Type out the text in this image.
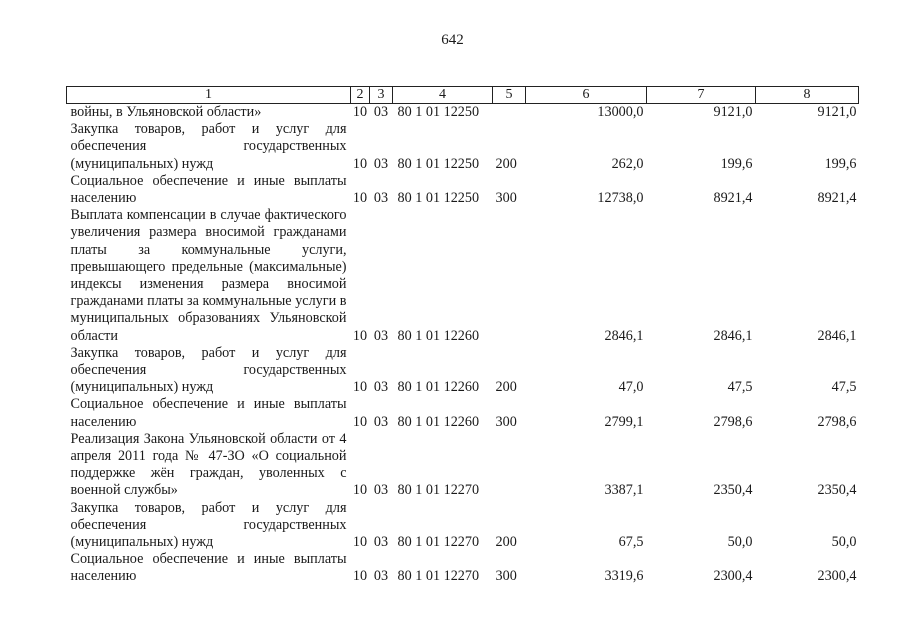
642
1	2	3	4	5	6	7	8
войны, в Ульяновской области»	10	03	80 1 01 12250		13000,0	9121,0	9121,0
Закупка товаров, работ и услуг для обеспечения государственных (муниципальных) нужд	10	03	80 1 01 12250	200	262,0	199,6	199,6
Социальное обеспечение и иные выплаты населению	10	03	80 1 01 12250	300	12738,0	8921,4	8921,4
Выплата компенсации в случае фактического увеличения размера вносимой гражданами платы за коммунальные услуги, превышающего предельные (максимальные) индексы изменения размера вносимой гражданами платы за коммунальные услуги в муниципальных образованиях Ульяновской области	10	03	80 1 01 12260		2846,1	2846,1	2846,1
Закупка товаров, работ и услуг для обеспечения государственных (муниципальных) нужд	10	03	80 1 01 12260	200	47,0	47,5	47,5
Социальное обеспечение и иные выплаты населению	10	03	80 1 01 12260	300	2799,1	2798,6	2798,6
Реализация Закона Ульяновской области от 4 апреля 2011 года № 47-ЗО «О социальной поддержке жён граждан, уволенных с военной службы»	10	03	80 1 01 12270		3387,1	2350,4	2350,4
Закупка товаров, работ и услуг для обеспечения государственных (муниципальных) нужд	10	03	80 1 01 12270	200	67,5	50,0	50,0
Социальное обеспечение и иные выплаты населению	10	03	80 1 01 12270	300	3319,6	2300,4	2300,4
